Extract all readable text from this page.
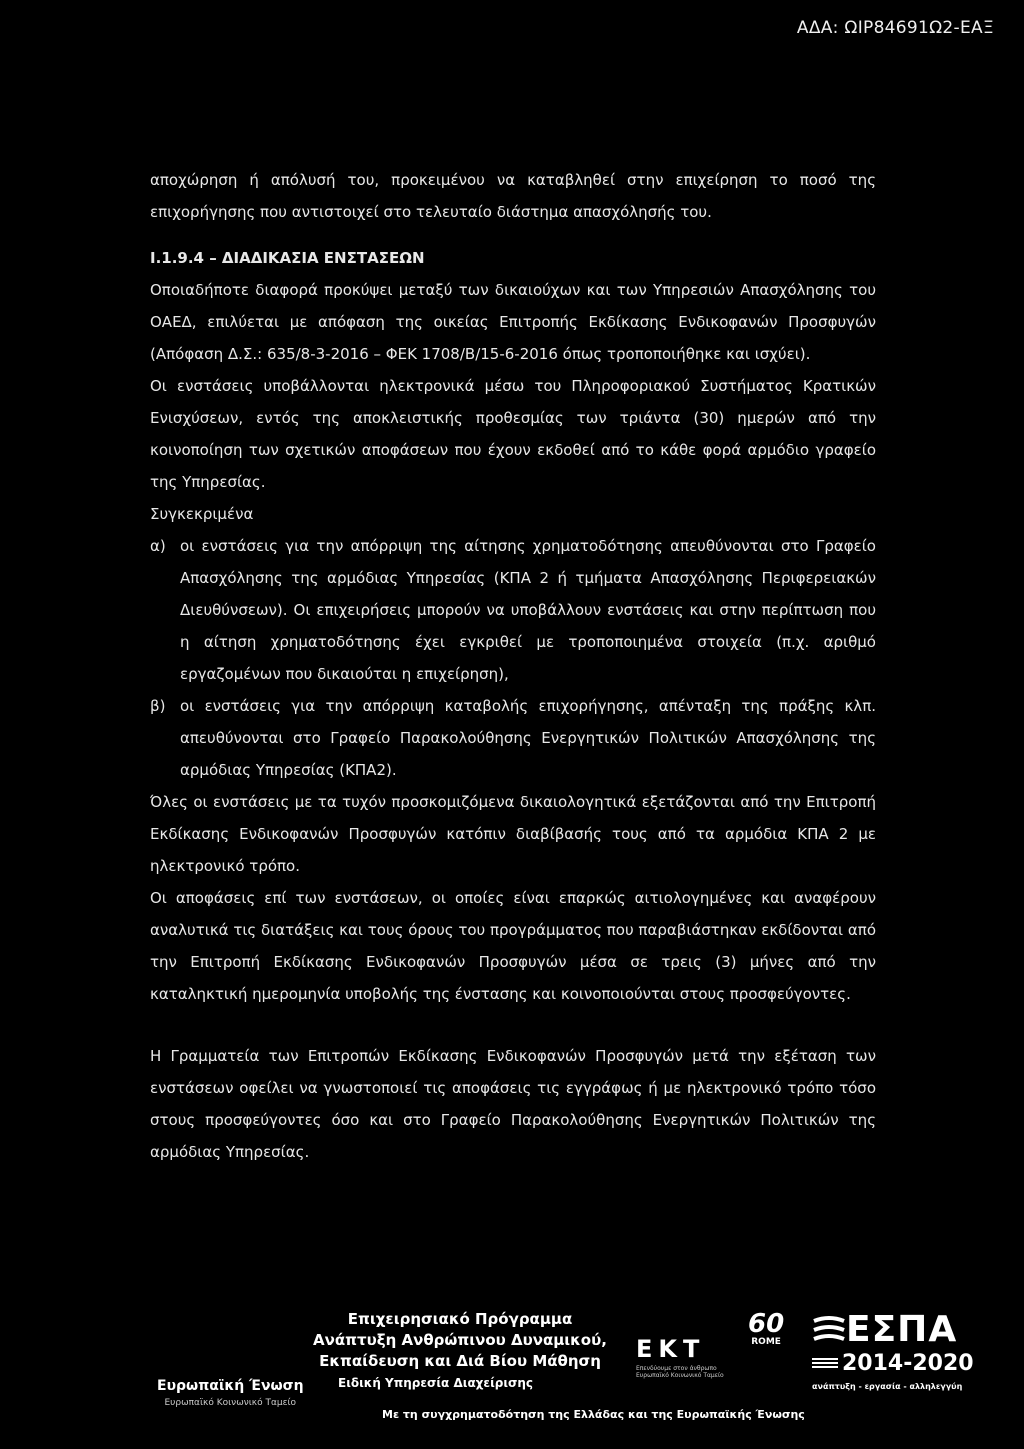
ΑΔΑ: ΩΙΡ84691Ω2-ΕΑΞ

αποχώρηση ή απόλυσή του, προκειμένου να καταβληθεί στην επιχείρηση το ποσό της επιχορήγησης που αντιστοιχεί στο τελευταίο διάστημα απασχόλησής του.

Ι.1.9.4 – ΔΙΑΔΙΚΑΣΙΑ ΕΝΣΤΑΣΕΩΝ

Οποιαδήποτε διαφορά προκύψει μεταξύ των δικαιούχων και των Υπηρεσιών Απασχόλησης του ΟΑΕΔ, επιλύεται με απόφαση της οικείας Επιτροπής Εκδίκασης Ενδικοφανών Προσφυγών (Απόφαση Δ.Σ.: 635/8-3-2016 – ΦΕΚ 1708/Β/15-6-2016 όπως τροποποιήθηκε και ισχύει).

Οι ενστάσεις υποβάλλονται ηλεκτρονικά μέσω του Πληροφοριακού Συστήματος Κρατικών Ενισχύσεων, εντός της αποκλειστικής προθεσμίας των τριάντα (30) ημερών από την κοινοποίηση των σχετικών αποφάσεων που έχουν εκδοθεί από το κάθε φορά αρμόδιο γραφείο της Υπηρεσίας.

Συγκεκριμένα

α) οι ενστάσεις για την απόρριψη της αίτησης χρηματοδότησης απευθύνονται στο Γραφείο Απασχόλησης της αρμόδιας Υπηρεσίας (ΚΠΑ 2 ή τμήματα Απασχόλησης Περιφερειακών Διευθύνσεων). Οι επιχειρήσεις μπορούν να υποβάλλουν ενστάσεις και στην περίπτωση που η αίτηση χρηματοδότησης έχει εγκριθεί με τροποποιημένα στοιχεία (π.χ. αριθμό εργαζομένων που δικαιούται η επιχείρηση),
β) οι ενστάσεις για την απόρριψη καταβολής επιχορήγησης, απένταξη της πράξης κλπ. απευθύνονται στο Γραφείο Παρακολούθησης Ενεργητικών Πολιτικών Απασχόλησης της αρμόδιας Υπηρεσίας (ΚΠΑ2).

Όλες οι ενστάσεις με τα τυχόν προσκομιζόμενα δικαιολογητικά εξετάζονται από την Επιτροπή Εκδίκασης Ενδικοφανών Προσφυγών κατόπιν διαβίβασής τους από τα αρμόδια ΚΠΑ 2 με ηλεκτρονικό τρόπο.

Οι αποφάσεις επί των ενστάσεων, οι οποίες είναι επαρκώς αιτιολογημένες και αναφέρουν αναλυτικά τις διατάξεις και τους όρους του προγράμματος που παραβιάστηκαν εκδίδονται από την Επιτροπή Εκδίκασης Ενδικοφανών Προσφυγών μέσα σε τρεις (3) μήνες από την καταληκτική ημερομηνία υποβολής της ένστασης και κοινοποιούνται στους προσφεύγοντες.

Η Γραμματεία των Επιτροπών Εκδίκασης Ενδικοφανών Προσφυγών μετά την εξέταση των ενστάσεων οφείλει να γνωστοποιεί τις αποφάσεις τις εγγράφως ή με ηλεκτρονικό τρόπο τόσο στους προσφεύγοντες όσο και στο Γραφείο Παρακολούθησης Ενεργητικών Πολιτικών της αρμόδιας Υπηρεσίας.

Ευρωπαϊκή Ένωση
Ευρωπαϊκό Κοινωνικό Ταμείο
Επιχειρησιακό Πρόγραμμα
Ανάπτυξη Ανθρώπινου Δυναμικού,
Εκπαίδευση και Διά Βίου Μάθηση
Ειδική Υπηρεσία Διαχείρισης
ΕΚΤ
Επενδύουμε στον άνθρωπο Ευρωπαϊκό Κοινωνικό Ταμείο
60
ROME ΕΣΠΑ
2014-2020
ανάπτυξη - εργασία - αλληλεγγύη
Με τη συγχρηματοδότηση της Ελλάδας και της Ευρωπαϊκής Ένωσης
